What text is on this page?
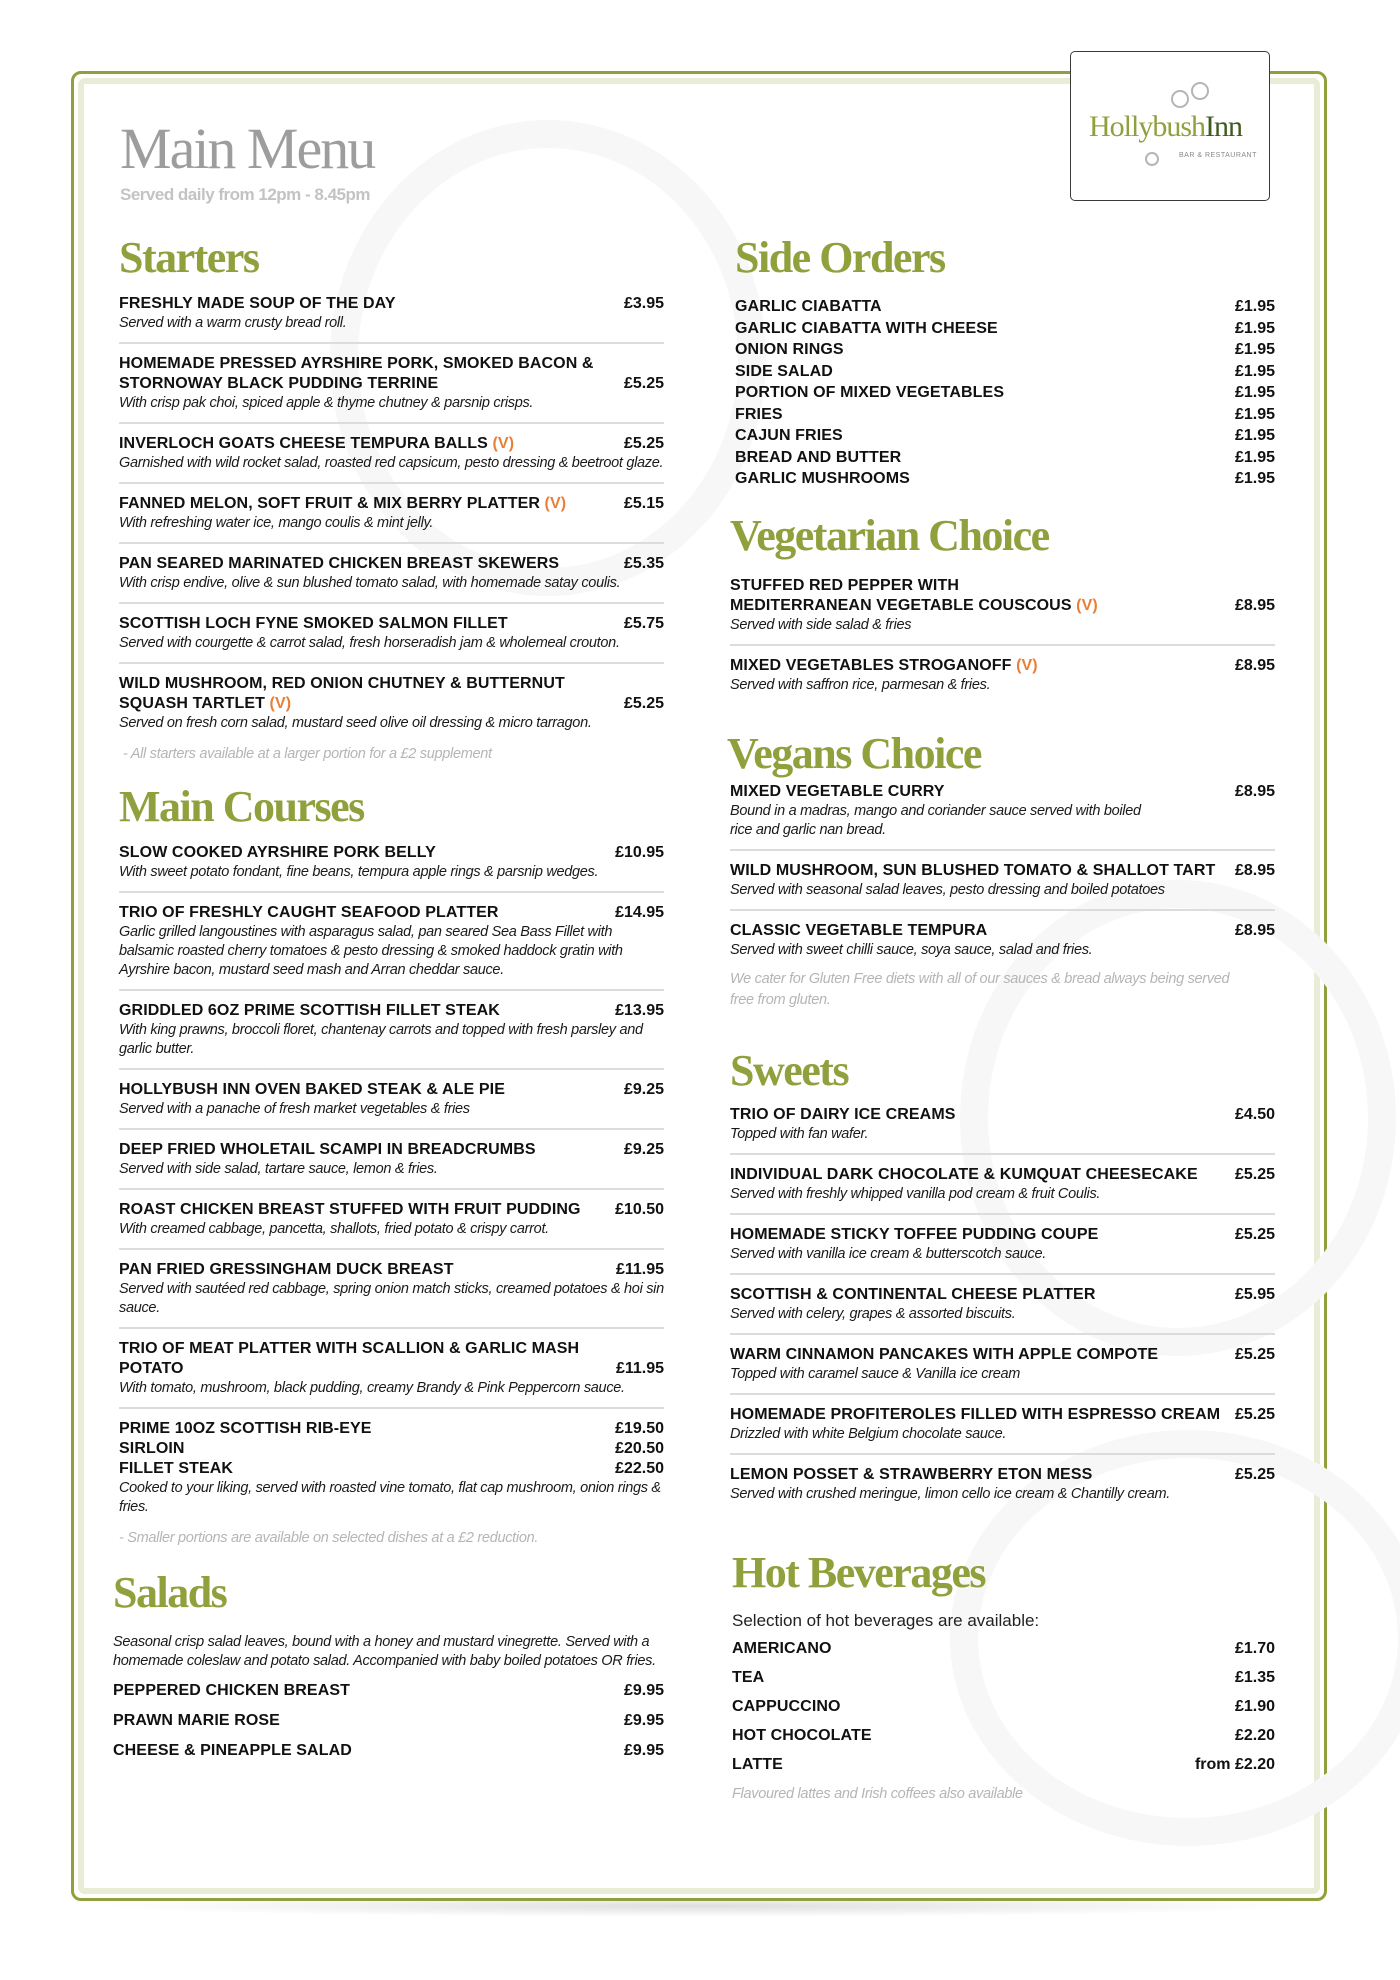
HollybushInn
BAR & RESTAURANT
Main Menu
Served daily from 12pm - 8.45pm
Starters
FRESHLY MADE SOUP OF THE DAY	£3.95
Served with a warm crusty bread roll.
HOMEMADE PRESSED AYRSHIRE PORK, SMOKED BACON & STORNOWAY BLACK PUDDING TERRINE	£5.25
With crisp pak choi, spiced apple & thyme chutney & parsnip crisps.
INVERLOCH GOATS CHEESE TEMPURA BALLS (V)	£5.25
Garnished with wild rocket salad, roasted red capsicum, pesto dressing & beetroot glaze.
FANNED MELON, SOFT FRUIT & MIX BERRY PLATTER (V)	£5.15
With refreshing water ice, mango coulis & mint jelly.
PAN SEARED MARINATED CHICKEN BREAST SKEWERS	£5.35
With crisp endive, olive & sun blushed tomato salad, with homemade satay coulis.
SCOTTISH LOCH FYNE SMOKED SALMON FILLET	£5.75
Served with courgette & carrot salad, fresh horseradish jam & wholemeal crouton.
WILD MUSHROOM, RED ONION CHUTNEY & BUTTERNUT SQUASH TARTLET (V)	£5.25
Served on fresh corn salad, mustard seed olive oil dressing & micro tarragon.
- All starters available at a larger portion for a £2 supplement
Main Courses
SLOW COOKED AYRSHIRE PORK BELLY	£10.95
With sweet potato fondant, fine beans, tempura apple rings & parsnip wedges.
TRIO OF FRESHLY CAUGHT SEAFOOD PLATTER	£14.95
Garlic grilled langoustines with asparagus salad, pan seared Sea Bass Fillet with balsamic roasted cherry tomatoes & pesto dressing & smoked haddock gratin with Ayrshire bacon, mustard seed mash and Arran cheddar sauce.
GRIDDLED 6OZ PRIME SCOTTISH FILLET STEAK	£13.95
With king prawns, broccoli floret, chantenay carrots and topped with fresh parsley and garlic butter.
HOLLYBUSH INN OVEN BAKED STEAK & ALE PIE	£9.25
Served with a panache of fresh market vegetables & fries
DEEP FRIED WHOLETAIL SCAMPI IN BREADCRUMBS	£9.25
Served with side salad, tartare sauce, lemon & fries.
ROAST CHICKEN BREAST STUFFED WITH FRUIT PUDDING	£10.50
With creamed cabbage, pancetta, shallots, fried potato & crispy carrot.
PAN FRIED GRESSINGHAM DUCK BREAST	£11.95
Served with sautéed red cabbage, spring onion match sticks, creamed potatoes & hoi sin sauce.
TRIO OF MEAT PLATTER WITH SCALLION & GARLIC MASH POTATO	£11.95
With tomato, mushroom, black pudding, creamy Brandy & Pink Peppercorn sauce.
PRIME 10OZ SCOTTISH RIB-EYE	£19.50
SIRLOIN	£20.50
FILLET STEAK	£22.50
Cooked to your liking, served with roasted vine tomato, flat cap mushroom, onion rings & fries.
- Smaller portions are available on selected dishes at a £2 reduction.
Salads
Seasonal crisp salad leaves, bound with a honey and mustard vinegrette. Served with a homemade coleslaw and potato salad. Accompanied with baby boiled potatoes OR fries.
PEPPERED CHICKEN BREAST	£9.95
PRAWN MARIE ROSE	£9.95
CHEESE & PINEAPPLE SALAD	£9.95
Side Orders
GARLIC CIABATTA	£1.95
GARLIC CIABATTA WITH CHEESE	£1.95
ONION RINGS	£1.95
SIDE SALAD	£1.95
PORTION OF MIXED VEGETABLES	£1.95
FRIES	£1.95
CAJUN FRIES	£1.95
BREAD AND BUTTER	£1.95
GARLIC MUSHROOMS	£1.95
Vegetarian Choice
STUFFED RED PEPPER WITH
MEDITERRANEAN VEGETABLE COUSCOUS (V)	£8.95
Served with side salad & fries
MIXED VEGETABLES STROGANOFF (V)	£8.95
Served with saffron rice, parmesan & fries.
Vegans Choice
MIXED VEGETABLE CURRY	£8.95
Bound in a madras, mango and coriander sauce served with boiled rice and garlic nan bread.
WILD MUSHROOM, SUN BLUSHED TOMATO & SHALLOT TART	£8.95
Served with seasonal salad leaves, pesto dressing and boiled potatoes
CLASSIC VEGETABLE TEMPURA	£8.95
Served with sweet chilli sauce, soya sauce, salad and fries.
We cater for Gluten Free diets with all of our sauces & bread always being served free from gluten.
Sweets
TRIO OF DAIRY ICE CREAMS	£4.50
Topped with fan wafer.
INDIVIDUAL DARK CHOCOLATE & KUMQUAT CHEESECAKE	£5.25
Served with freshly whipped vanilla pod cream & fruit Coulis.
HOMEMADE STICKY TOFFEE PUDDING COUPE	£5.25
Served with vanilla ice cream & butterscotch sauce.
SCOTTISH & CONTINENTAL CHEESE PLATTER	£5.95
Served with celery, grapes & assorted biscuits.
WARM CINNAMON PANCAKES WITH APPLE COMPOTE	£5.25
Topped with caramel sauce & Vanilla ice cream
HOMEMADE PROFITEROLES FILLED WITH ESPRESSO CREAM £5.25
Drizzled with white Belgium chocolate sauce.
LEMON POSSET & STRAWBERRY ETON MESS	£5.25
Served with crushed meringue, limon cello ice cream & Chantilly cream.
Hot Beverages
Selection of hot beverages are available:
AMERICANO	£1.70
TEA	£1.35
CAPPUCCINO	£1.90
HOT CHOCOLATE	£2.20
LATTE	from £2.20
Flavoured lattes and Irish coffees also available
